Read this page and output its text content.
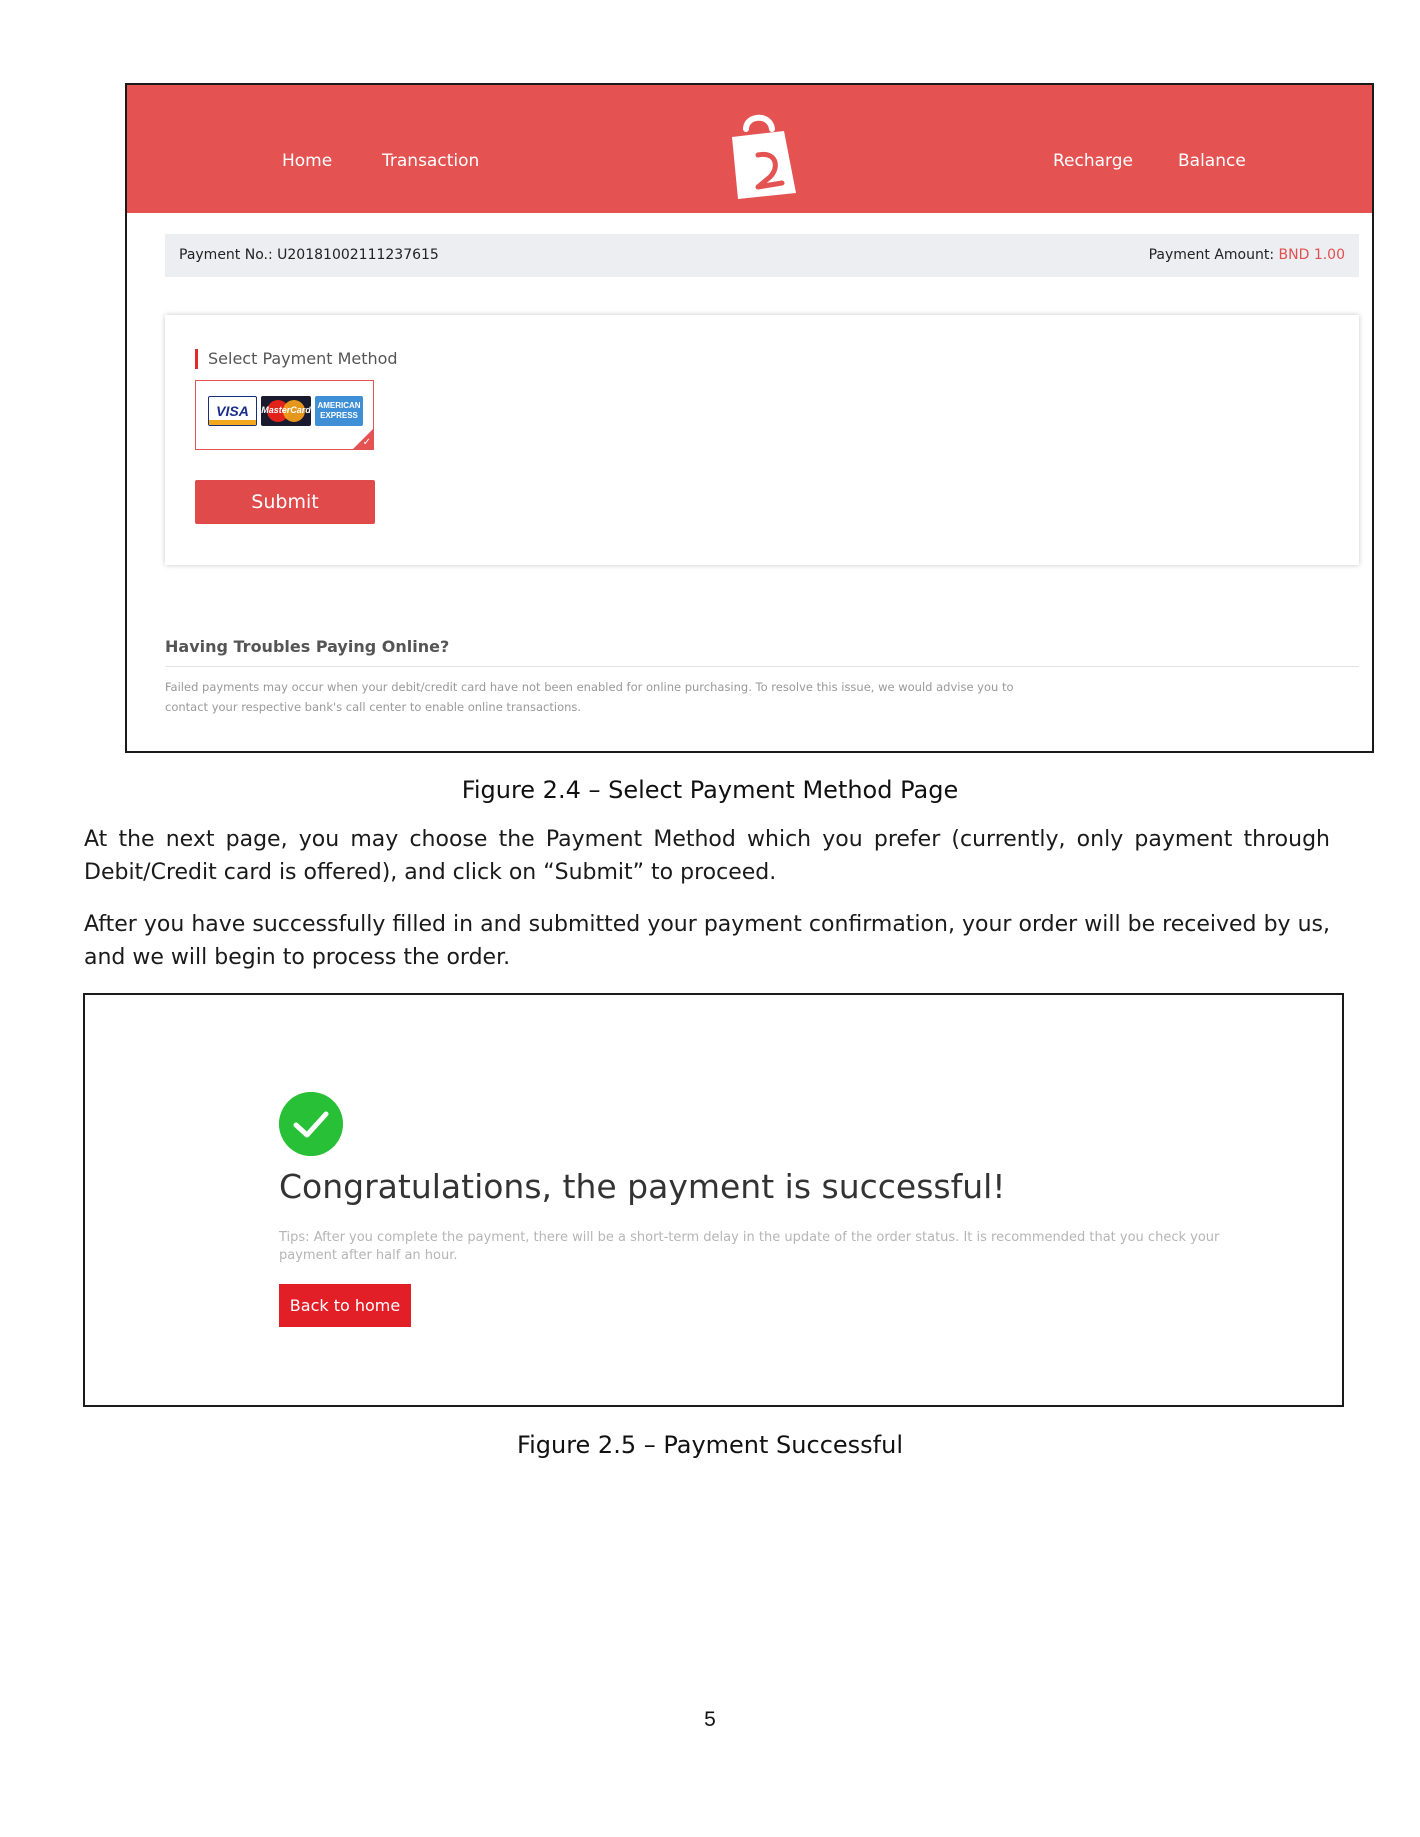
Home	Transaction	Recharge	Balance
Payment No.: U20181002111237615	Payment Amount: BND 1.00
Select Payment Method
VISA	MasterCard AMERICAN
EXPRESS
✓
Submit
Having Troubles Paying Online?
Failed payments may occur when your debit/credit card have not been enabled for online purchasing. To resolve this issue, we would advise you to contact your respective bank's call center to enable online transactions.
Figure 2.4 – Select Payment Method Page
At the next page, you may choose the Payment Method which you prefer (currently, only payment through Debit/Credit card is offered), and click on “Submit” to proceed.
After you have successfully filled in and submitted your payment confirmation, your order will be received by us, and we will begin to process the order.
Congratulations, the payment is successful!
Tips: After you complete the payment, there will be a short-term delay in the update of the order status. It is recommended that you check your payment after half an hour.
Back to home
Figure 2.5 – Payment Successful
5
